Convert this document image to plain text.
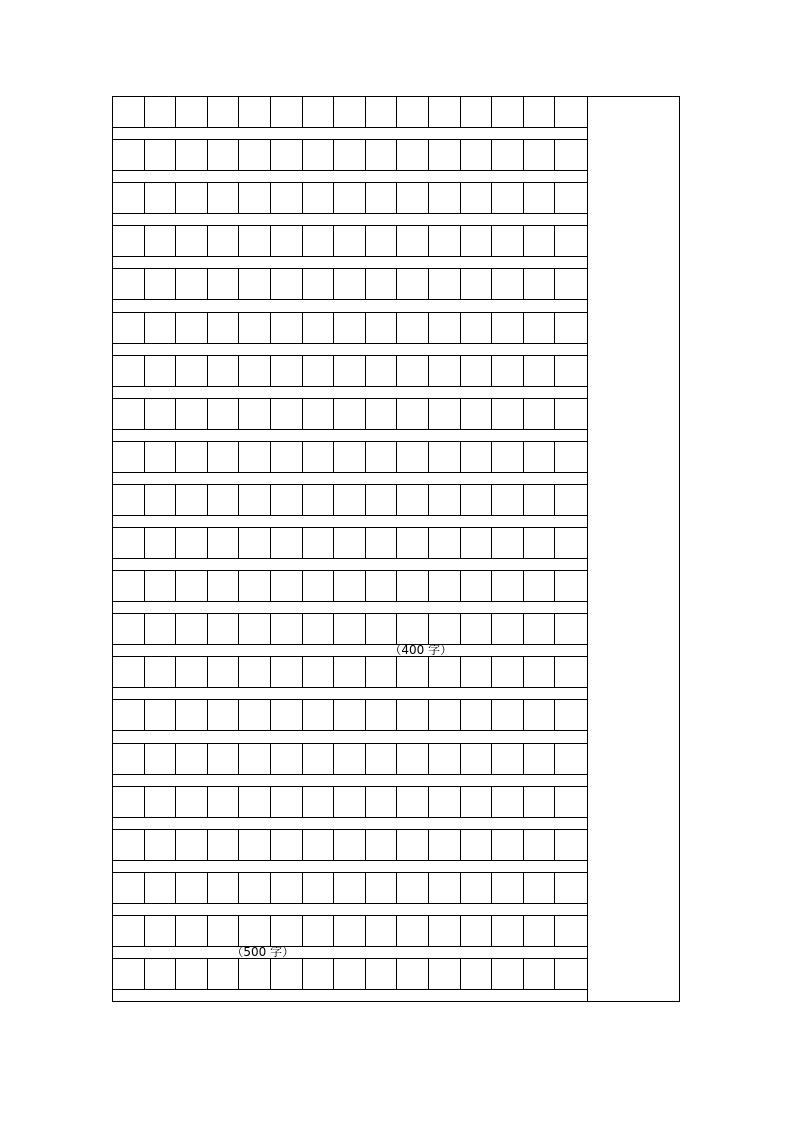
（400 字）
（500 字）
